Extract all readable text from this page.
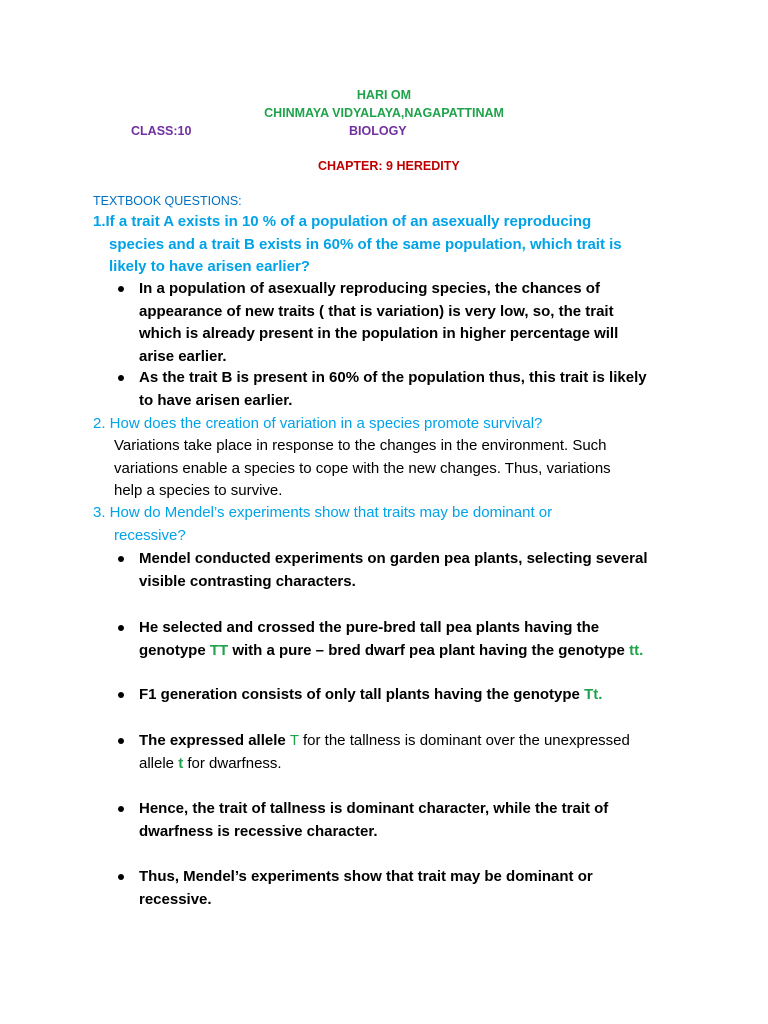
HARI OM
CHINMAYA VIDYALAYA,NAGAPATTINAM
CLASS:10	BIOLOGY
CHAPTER: 9 HEREDITY
TEXTBOOK QUESTIONS:
1.If a trait A exists in 10 % of a population of an asexually reproducing
species and a trait B exists in 60% of the same population, which trait is
likely to have arisen earlier?
In a population of asexually reproducing species, the chances of
appearance of new traits ( that is variation) is very low, so, the trait
which is already present in the population in higher percentage will
arise earlier.
As the trait B is present in 60% of the population thus, this trait is likely
to have arisen earlier.
2. How does the creation of variation in a species promote survival?
Variations take place in response to the changes in the environment. Such
variations enable a species to cope with the new changes. Thus, variations
help a species to survive.
3. How do Mendel’s experiments show that traits may be dominant or
recessive?
Mendel conducted experiments on garden pea plants, selecting several
visible contrasting characters.
He selected and crossed the pure-bred tall pea plants having the
genotype TT with a pure – bred dwarf pea plant having the genotype tt.
F1 generation consists of only tall plants having the genotype Tt.
The expressed allele T for the tallness is dominant over the unexpressed
allele t for dwarfness.
Hence, the trait of tallness is dominant character, while the trait of
dwarfness is recessive character.
Thus, Mendel’s experiments show that trait may be dominant or
recessive.
